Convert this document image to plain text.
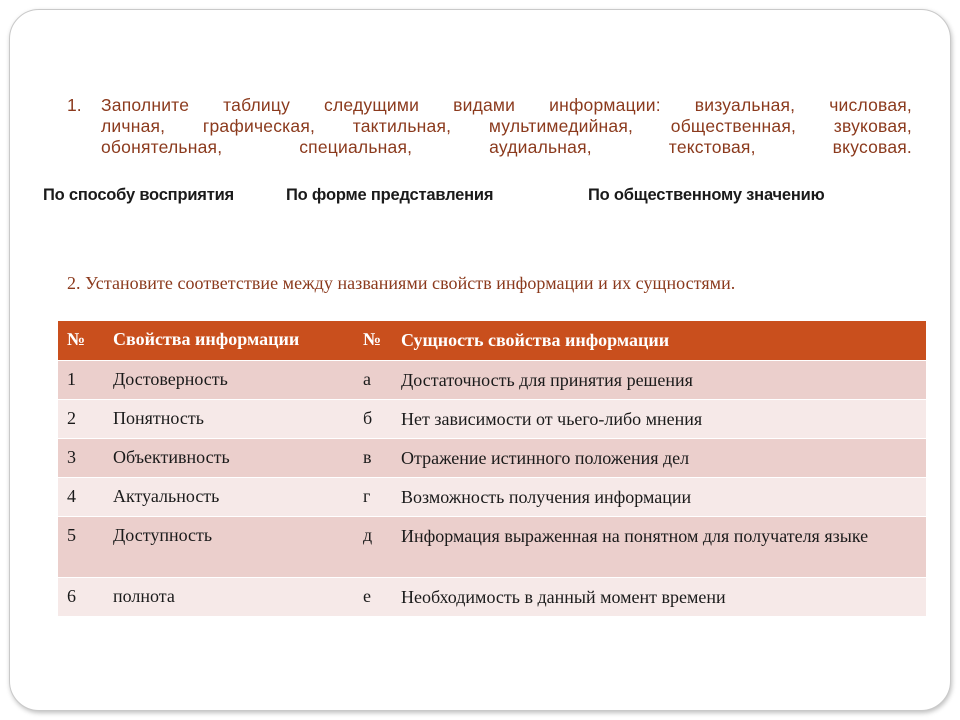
1.	Заполните таблицу следущими видами информации: визуальная, числовая,
личная, графическая, тактильная, мультимедийная, общественная, звуковая,
обонятельная, специальная, аудиальная, текстовая, вкусовая.
По способу восприятия	По форме представления	По общественному значению
2. Установите соответствие между названиями свойств информации и их сущностями.
№	Свойства информации	№	Сущность свойства информации
1	Достоверность	а	Достаточность для принятия решения
2	Понятность	б	Нет зависимости от чьего-либо мнения
3	Объективность	в	Отражение истинного положения дел
4	Актуальность	г	Возможность получения информации
5	Доступность	д	Информация выраженная на понятном для получателя языке
6	полнота	е	Необходимость в данный момент времени
